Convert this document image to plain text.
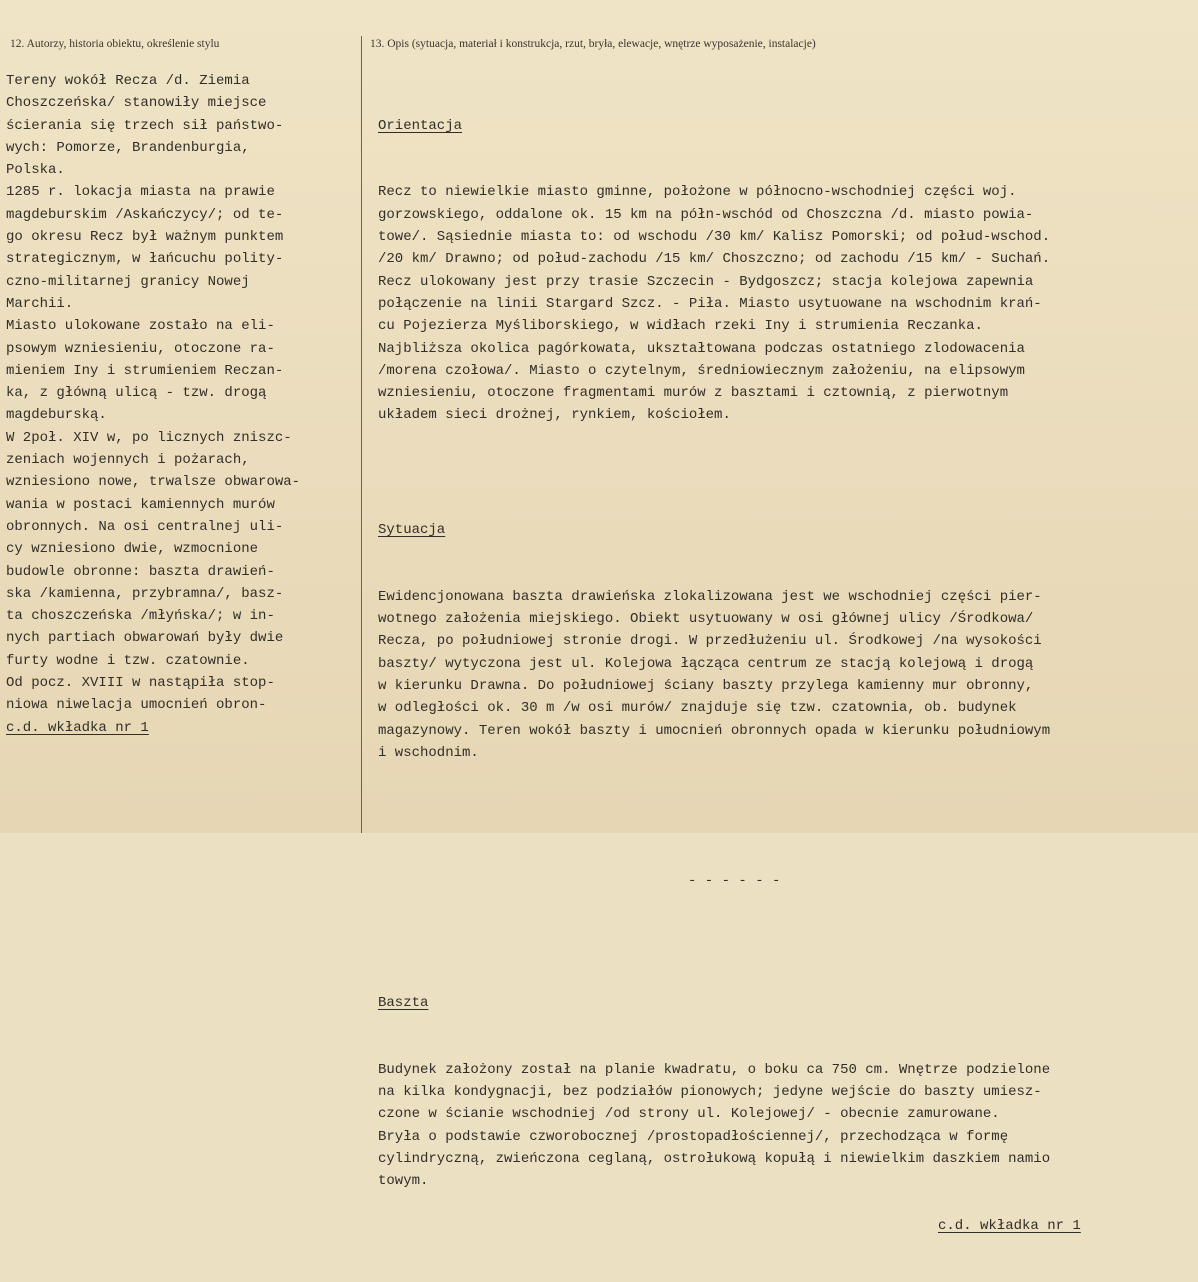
12. Autorzy, historia obiektu, określenie stylu	13. Opis (sytuacja, materiał i konstrukcja, rzut, bryła, elewacje, wnętrze wyposażenie, instalacje)
Tereny wokół Recza /d. Ziemia
Choszczeńska/ stanowiły miejsce
ścierania się trzech sił państwo-
wych: Pomorze, Brandenburgia,
Polska.
1285 r. lokacja miasta na prawie
magdeburskim /Askańczycy/; od te-
go okresu Recz był ważnym punktem
strategicznym, w łańcuchu polity-
czno-militarnej granicy Nowej
Marchii.
Miasto ulokowane zostało na eli-
psowym wzniesieniu, otoczone ra-
mieniem Iny i strumieniem Reczan-
ka, z główną ulicą - tzw. drogą
magdeburską.
W 2poł. XIV w, po licznych zniszc-
zeniach wojennych i pożarach,
wzniesiono nowe, trwalsze obwarowa-
wania w postaci kamiennych murów
obronnych. Na osi centralnej uli-
cy wzniesiono dwie, wzmocnione
budowle obronne: baszta drawień-
ska /kamienna, przybramna/, basz-
ta choszczeńska /młyńska/; w in-
nych partiach obwarowań były dwie
furty wodne i tzw. czatownie.
Od pocz. XVIII w nastąpiła stop-
niowa niwelacja umocnień obron-
c.d. wkładka nr 1

Orientacja

Recz to niewielkie miasto gminne, położone w północno-wschodniej części woj.
gorzowskiego, oddalone ok. 15 km na półn-wschód od Choszczna /d. miasto powia-
towe/. Sąsiednie miasta to: od wschodu /30 km/ Kalisz Pomorski; od połud-wschod.
/20 km/ Drawno; od połud-zachodu /15 km/ Choszczno; od zachodu /15 km/ - Suchań.
Recz ulokowany jest przy trasie Szczecin - Bydgoszcz; stacja kolejowa zapewnia
połączenie na linii Stargard Szcz. - Piła. Miasto usytuowane na wschodnim krań-
cu Pojezierza Myśliborskiego, w widłach rzeki Iny i strumienia Reczanka.
Najbliższa okolica pagórkowata, ukształtowana podczas ostatniego zlodowacenia
/morena czołowa/. Miasto o czytelnym, średniowiecznym założeniu, na elipsowym
wzniesieniu, otoczone fragmentami murów z basztami i cztownią, z pierwotnym
układem sieci drożnej, rynkiem, kościołem.

Sytuacja

Ewidencjonowana baszta drawieńska zlokalizowana jest we wschodniej części pier-
wotnego założenia miejskiego. Obiekt usytuowany w osi głównej ulicy /Środkowa/
Recza, po południowej stronie drogi. W przedłużeniu ul. Środkowej /na wysokości
baszty/ wytyczona jest ul. Kolejowa łącząca centrum ze stacją kolejową i drogą
w kierunku Drawna. Do południowej ściany baszty przylega kamienny mur obronny,
w odległości ok. 30 m /w osi murów/ znajduje się tzw. czatownia, ob. budynek
magazynowy. Teren wokół baszty i umocnień obronnych opada w kierunku południowym
i wschodnim.

- - - - - -

Baszta

Budynek założony został na planie kwadratu, o boku ca 750 cm. Wnętrze podzielone
na kilka kondygnacji, bez podziałów pionowych; jedyne wejście do baszty umiesz-
czone w ścianie wschodniej /od strony ul. Kolejowej/ - obecnie zamurowane.
Bryła o podstawie czworobocznej /prostopadłościennej/, przechodząca w formę
cylindryczną, zwieńczona ceglaną, ostrołukową kopułą i niewielkim daszkiem namio
towym.

c.d. wkładka nr 1
